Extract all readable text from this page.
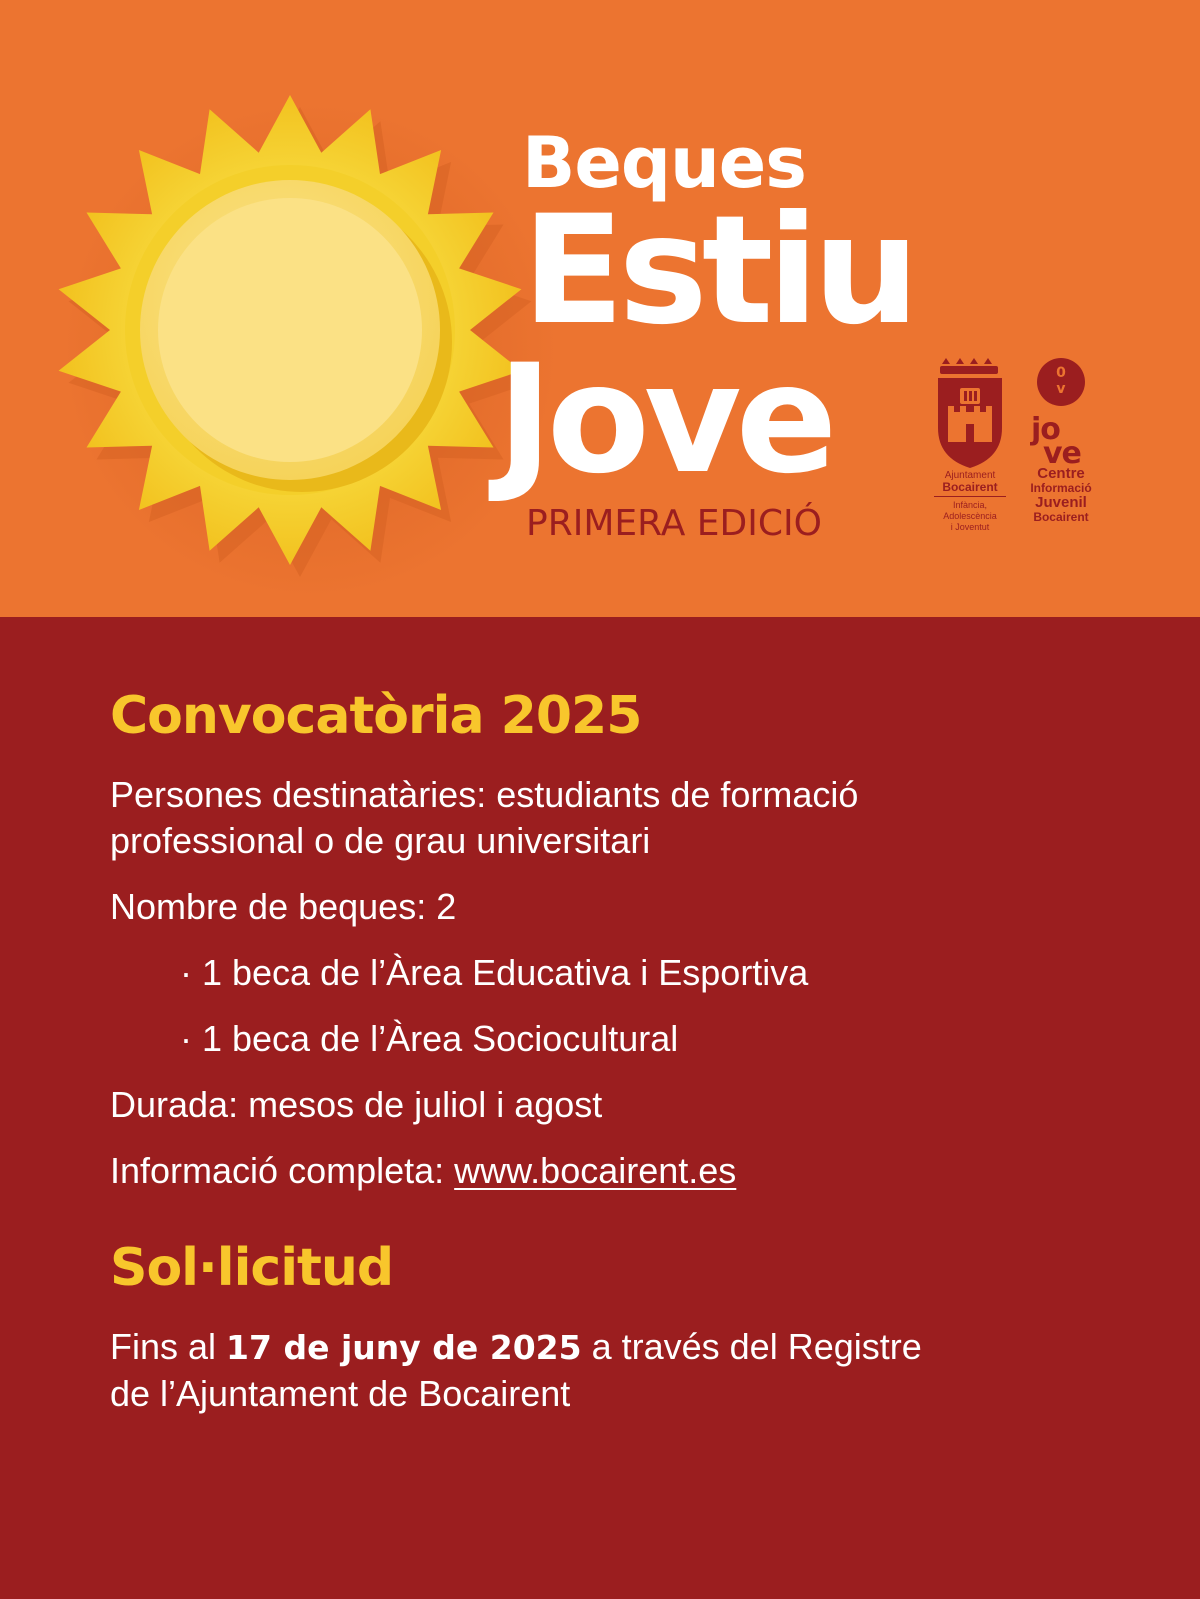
Beques
Estiu
Jove
PRIMERA EDICIÓ
Ajuntament
Bocairent
Infància,
Adolescència
i Joventut
0
v
jo
ve
Centre
Informació
Juvenil
Bocairent
Convocatòria 2025

Persones destinatàries: estudiants de formació

professional o de grau universitari

Nombre de beques: 2

· 1 beca de l’Àrea Educativa i Esportiva

· 1 beca de l’Àrea Sociocultural

Durada: mesos de juliol i agost

Informació completa: www.bocairent.es

Sol·licitud

Fins al 17 de juny de 2025 a través del Registre

de l’Ajuntament de Bocairent
